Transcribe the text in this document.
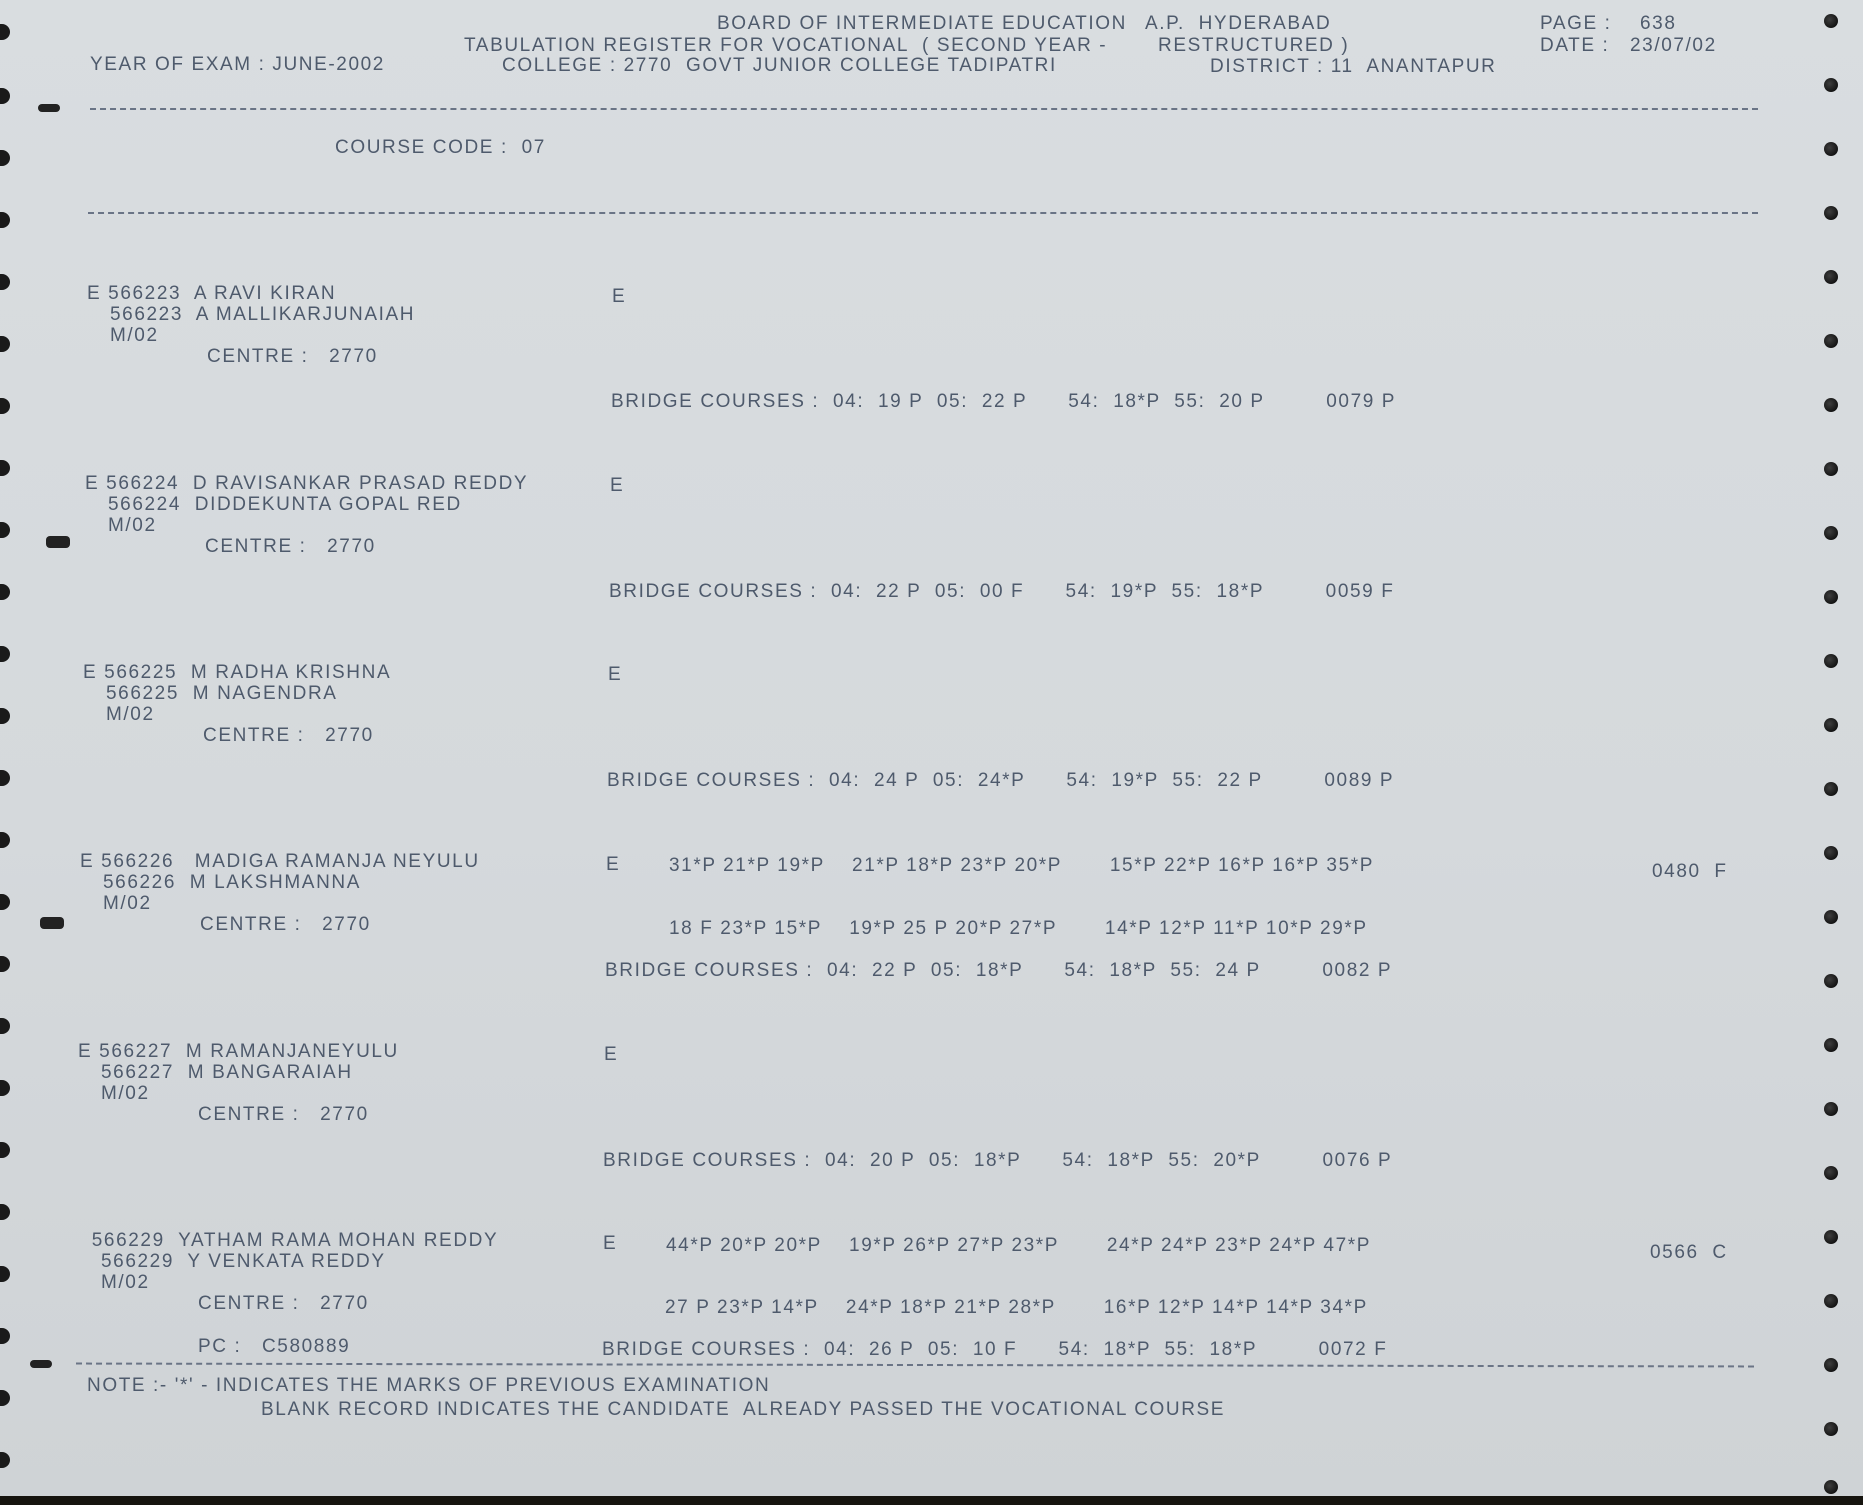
BOARD OF INTERMEDIATE EDUCATION A.P.  HYDERABAD	PAGE : 638
TABULATION REGISTER FOR VOCATIONAL  ( SECOND YEAR -	RESTRUCTURED )	DATE : 23/07/02
YEAR OF EXAM : JUNE-2002	COLLEGE : 2770  GOVT JUNIOR COLLEGE TADIPATRI	DISTRICT : 11  ANANTAPUR
COURSE CODE :  07
E 566223  A RAVI KIRAN
566223  A MALLIKARJUNAIAH
M/02
CENTRE :   2770
E
BRIDGE COURSES :  04:  19 P  05:  22 P      54:  18*P  55:  20 P         0079 P
E 566224  D RAVISANKAR PRASAD REDDY
566224  DIDDEKUNTA GOPAL RED
M/02
CENTRE :   2770
E
BRIDGE COURSES :  04:  22 P  05:  00 F      54:  19*P  55:  18*P         0059 F
E 566225  M RADHA KRISHNA
566225  M NAGENDRA
M/02
CENTRE :   2770
E
BRIDGE COURSES :  04:  24 P  05:  24*P      54:  19*P  55:  22 P         0089 P
E 566226   MADIGA RAMANJA NEYULU
566226  M LAKSHMANNA
M/02
CENTRE :   2770
E	31*P 21*P 19*P    21*P 18*P 23*P 20*P       15*P 22*P 16*P 16*P 35*P	0480  F
18 F 23*P 15*P    19*P 25 P 20*P 27*P       14*P 12*P 11*P 10*P 29*P
BRIDGE COURSES :  04:  22 P  05:  18*P      54:  18*P  55:  24 P         0082 P
E 566227  M RAMANJANEYULU
566227  M BANGARAIAH
M/02
CENTRE :   2770
E
BRIDGE COURSES :  04:  20 P  05:  18*P      54:  18*P  55:  20*P         0076 P
566229  YATHAM RAMA MOHAN REDDY
566229  Y VENKATA REDDY
M/02
CENTRE :   2770
E	44*P 20*P 20*P    19*P 26*P 27*P 23*P       24*P 24*P 23*P 24*P 47*P	0566  C
27 P 23*P 14*P    24*P 18*P 21*P 28*P       16*P 12*P 14*P 14*P 34*P
PC :   C580889	BRIDGE COURSES :  04:  26 P  05:  10 F      54:  18*P  55:  18*P         0072 F
NOTE :- '*' - INDICATES THE MARKS OF PREVIOUS EXAMINATION
BLANK RECORD INDICATES THE CANDIDATE  ALREADY PASSED THE VOCATIONAL COURSE
